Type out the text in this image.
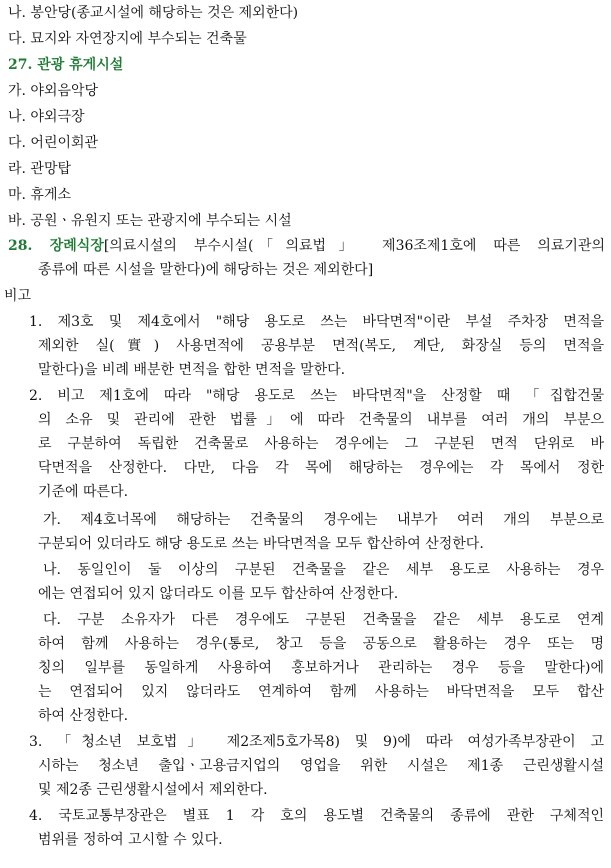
나. 봉안당(종교시설에 해당하는 것은 제외한다)
다. 묘지와 자연장지에 부수되는 건축물
27. 관광 휴게시설
가. 야외음악당
나. 야외극장
다. 어린이회관
라. 관망탑
마. 휴게소
바. 공원ㆍ유원지 또는 관광지에 부수되는 시설
28. 장례식장[의료시설의 부수시설(「의료법」 제36조제1호에 따른 의료기관의
종류에 따른 시설을 말한다)에 해당하는 것은 제외한다]
비고
1. 제3호 및 제4호에서 "해당 용도로 쓰는 바닥면적"이란 부설 주차장 면적을
제외한 실(實) 사용면적에 공용부분 면적(복도, 계단, 화장실 등의 면적을
말한다)을 비례 배분한 면적을 합한 면적을 말한다.
2. 비고 제1호에 따라 "해당 용도로 쓰는 바닥면적"을 산정할 때 「집합건물
의 소유 및 관리에 관한 법률」에 따라 건축물의 내부를 여러 개의 부분으
로 구분하여 독립한 건축물로 사용하는 경우에는 그 구분된 면적 단위로 바
닥면적을 산정한다. 다만, 다음 각 목에 해당하는 경우에는 각 목에서 정한
기준에 따른다.
가. 제4호너목에 해당하는 건축물의 경우에는 내부가 여러 개의 부분으로
구분되어 있더라도 해당 용도로 쓰는 바닥면적을 모두 합산하여 산정한다.
나. 동일인이 둘 이상의 구분된 건축물을 같은 세부 용도로 사용하는 경우
에는 연접되어 있지 않더라도 이를 모두 합산하여 산정한다.
다. 구분 소유자가 다른 경우에도 구분된 건축물을 같은 세부 용도로 연계
하여 함께 사용하는 경우(통로, 창고 등을 공동으로 활용하는 경우 또는 명
칭의 일부를 동일하게 사용하여 홍보하거나 관리하는 경우 등을 말한다)에
는 연접되어 있지 않더라도 연계하여 함께 사용하는 바닥면적을 모두 합산
하여 산정한다.
3. 「청소년 보호법」 제2조제5호가목8) 및 9)에 따라 여성가족부장관이 고
시하는 청소년 출입ㆍ고용금지업의 영업을 위한 시설은 제1종 근린생활시설
및 제2종 근린생활시설에서 제외한다.
4. 국토교통부장관은 별표 1 각 호의 용도별 건축물의 종류에 관한 구체적인
범위를 정하여 고시할 수 있다.
